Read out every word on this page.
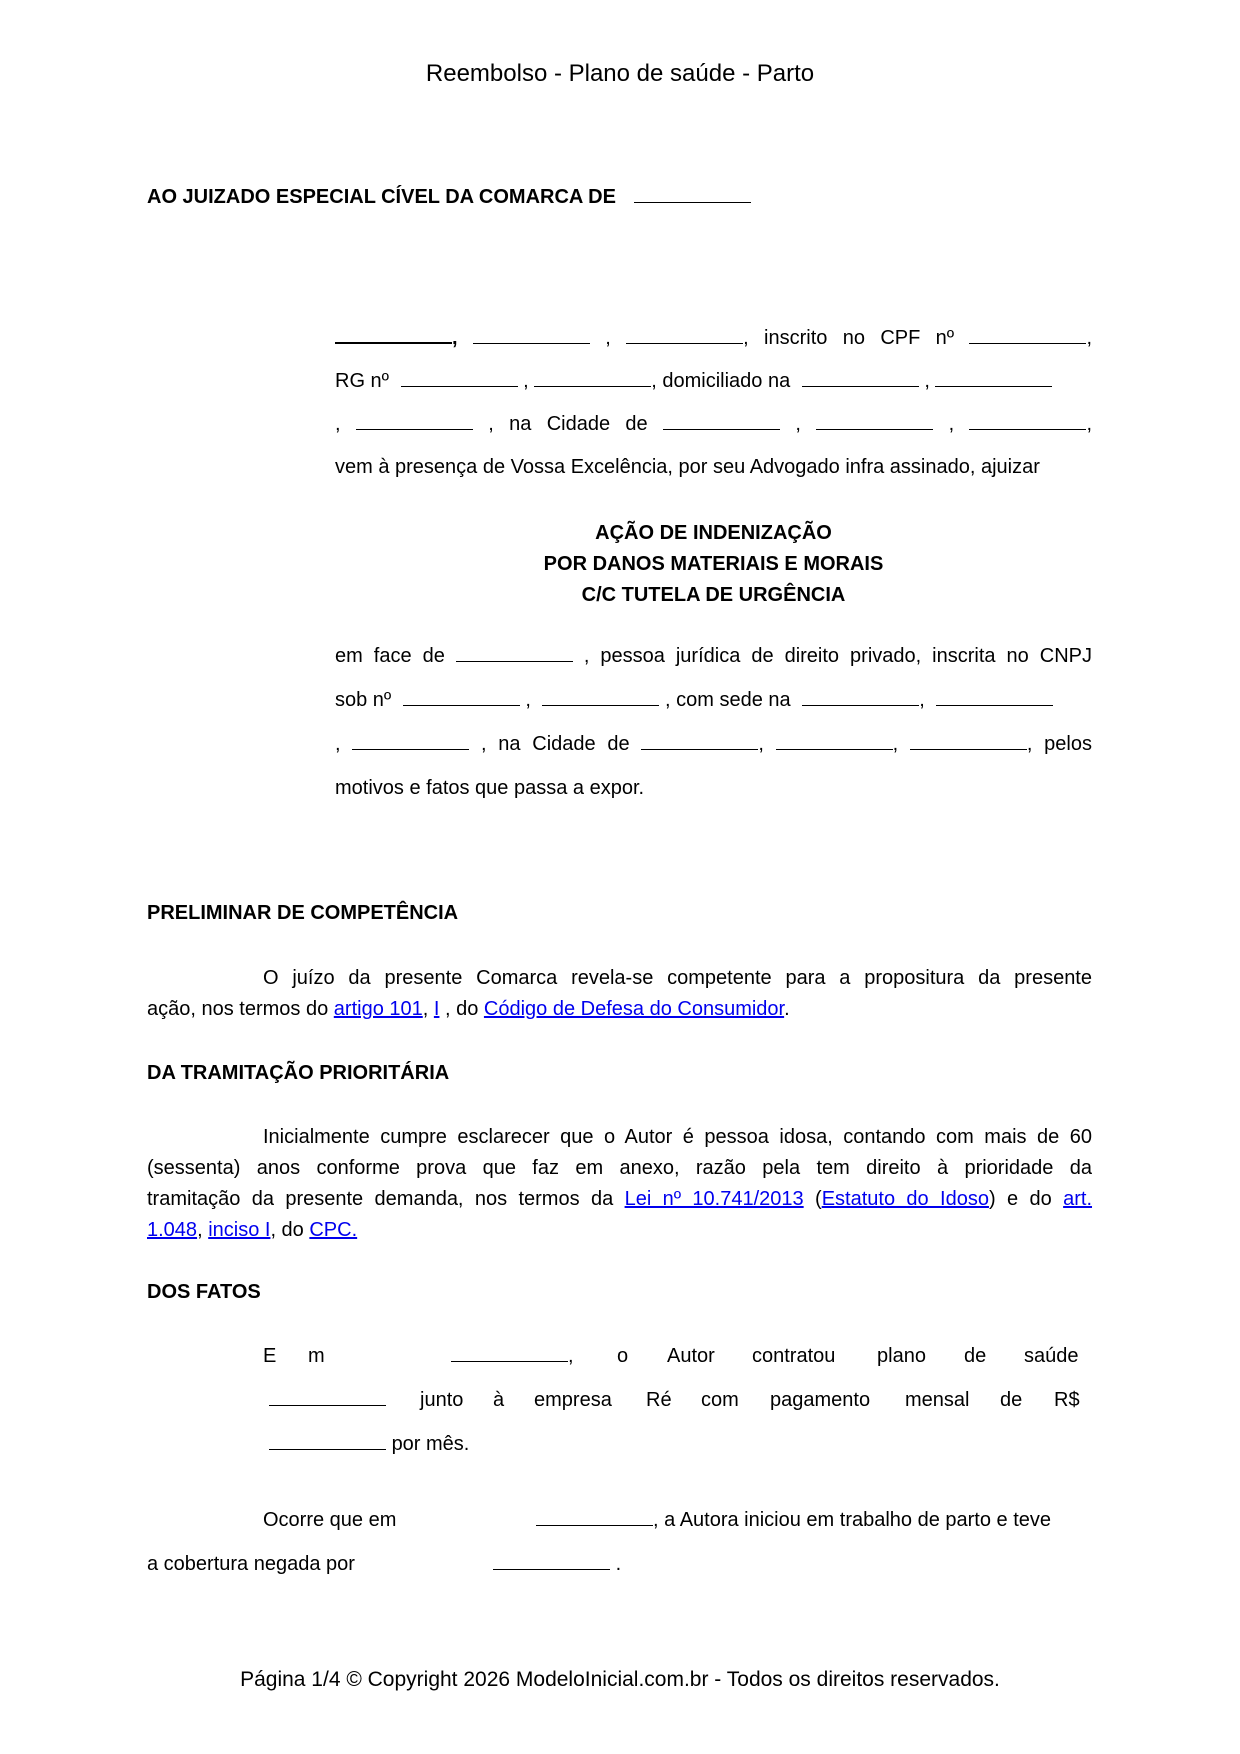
Reembolso - Plano de saúde - Parto
AO JUIZADO ESPECIAL CÍVEL DA COMARCA DE
,	,	, inscrito no CPF nº	,
RG nº	,	, domiciliado na	,
,	, na Cidade de	,	,	,
vem à presença de Vossa Excelência, por seu Advogado infra assinado, ajuizar
AÇÃO DE INDENIZAÇÃO
POR DANOS MATERIAIS E MORAIS
C/C TUTELA DE URGÊNCIA
em face de	, pessoa jurídica de direito privado, inscrita no CNPJ
sob nº	,	, com sede na	,
,	, na Cidade de	,	,	, pelos
motivos e fatos que passa a expor.
PRELIMINAR DE COMPETÊNCIA
O juízo da presente Comarca revela-se competente para a propositura da presente
ação, nos termos do artigo 101, I , do Código de Defesa do Consumidor.
DA TRAMITAÇÃO PRIORITÁRIA
Inicialmente cumpre esclarecer que o Autor é pessoa idosa, contando com mais de 60
(sessenta) anos conforme prova que faz em anexo, razão pela tem direito à prioridade da
tramitação da presente demanda, nos termos da Lei nº 10.741/2013 (Estatuto do Idoso) e do art.
1.048, inciso I, do CPC.
DOS FATOS
E m	, o Autor contratou plano de saúde
junto à empresa Ré com pagamento mensal de R$
por mês.
Ocorre que em	, a Autora iniciou em trabalho de parto e teve
a cobertura negada por	.
Página 1/4 © Copyright 2026 ModeloInicial.com.br - Todos os direitos reservados.
